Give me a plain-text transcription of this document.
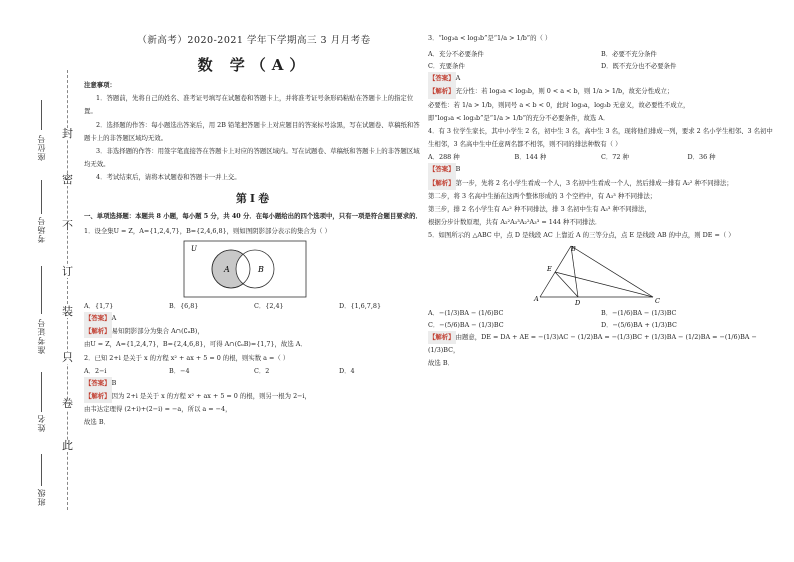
封
密
不
订
装
只
卷
此
座位号
考场号
准考证号
姓名
班级

（新高考）2020-2021 学年下学期高三 3 月月考卷

数 学（A）

注意事项：

1．答题前，先将自己的姓名、准考证号填写在试题卷和答题卡上，并将准考证号条形码粘贴在答题卡上的指定位置。

2．选择题的作答：每小题选出答案后，用 2B 铅笔把答题卡上对应题目的答案标号涂黑，写在试题卷、草稿纸和答题卡上的非答题区域均无效。

3．非选择题的作答：用签字笔直接答在答题卡上对应的答题区域内。写在试题卷、草稿纸和答题卡上的非答题区域均无效。

4．考试结束后，请将本试题卷和答题卡一并上交。

第Ⅰ卷

一、单项选择题：本题共 8 小题，每小题 5 分，共 40 分．在每小题给出的四个选项中，只有一项是符合题目要求的．

1．设全集U = Z，A={1,2,4,7}，B={2,4,6,8}，则如图阴影部分表示的集合为（ ）

U
A	B
A．{1,7}	B．{6,8}	C．{2,4}	D．{1,6,7,8}

【答案】A

【解析】易知阴影部分为集合 A∩(∁ᵤB)，

由U = Z，A={1,2,4,7}，B={2,4,6,8}，可得 A∩(∁ᵤB)={1,7}，故选 A．

2．已知 2+i 是关于 x 的方程 x² + ax + 5 = 0 的根，则实数 a =（ ）

A．2−i	B．−4	C．2	D．4

【答案】B

【解析】因为 2+i 是关于 x 的方程 x² + ax + 5 = 0 的根，则另一根为 2−i，

由韦达定理得 (2+i)+(2−i) = −a，所以 a = −4，

故选 B．

3．“log₃a < log₃b”是“1/a > 1/b”的（ ）

A．充分不必要条件	B．必要不充分条件
C．充要条件	D．既不充分也不必要条件

【答案】A

【解析】充分性：若 log₃a < log₃b，则 0 < a < b，则 1/a > 1/b，故充分性成立；

必要性：若 1/a > 1/b，则同号 a < b < 0，此时 log₃a，log₃b 无意义，故必要性不成立，

即“log₃a < log₃b”是“1/a > 1/b”的充分不必要条件，故选 A．

4．有 3 位学生家长，其中小学生 2 名，初中生 3 名，高中生 3 名，现将他们排成一列，要求 2 名小学生相邻、3 名初中生相邻，3 名高中生中任意两名都不相邻，则不同的排法种数有（ ）

A．288 种	B．144 种	C．72 种	D．36 种

【答案】B

【解析】第一步，先将 2 名小学生看成一个人，3 名初中生看成一个人，然后排成一排有 A₂² 种不同排法；

第二步，将 3 名高中生插在这两个整体形成的 3 个空档中，有 A₃³ 种不同排法；

第三步，排 2 名小学生有 A₂² 种不同排法，排 3 名初中生有 A₃³ 种不同排法，

根据分步计数原理，共有 A₂²A₃³A₂²A₃³ = 144 种不同排法．

5．如图所示的 △ABC 中，点 D 是线段 AC 上靠近 A 的三等分点，点 E 是线段 AB 的中点，则 DE =（ ）

A
B
C
D
E
A．−(1/3)BA − (1/6)BC	B．−(1/6)BA − (1/3)BC
C．−(5/6)BA − (1/3)BC	D．−(5/6)BA + (1/3)BC

【解析】由题意，DE = DA + AE = −(1/3)AC − (1/2)BA = −(1/3)BC + (1/3)BA − (1/2)BA = −(1/6)BA − (1/3)BC，

故选 B．
